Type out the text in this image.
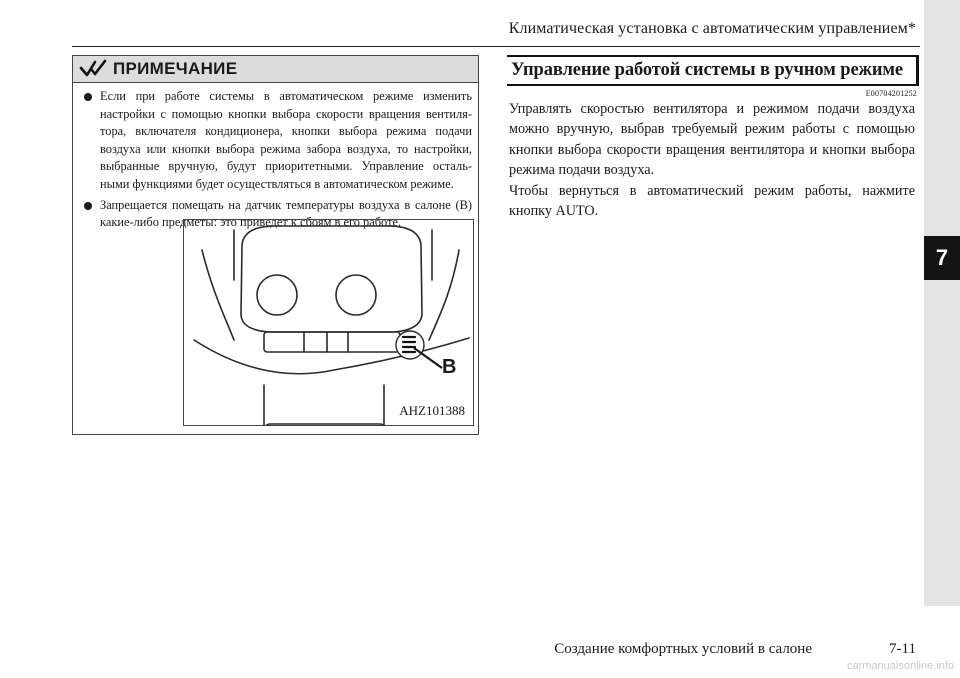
Климатическая установка с автоматическим управлением*
7
ПРИМЕЧАНИЕ
Если при работе системы в автоматическом режиме изменить настройки с помощью кнопки выбора скорости вращения вентиля- тора, включателя кондиционера, кнопки выбора режима подачи воздуха или кнопки выбора режима забора воздуха, то настройки, выбранные вручную, будут приоритетными. Управление осталь- ными функциями будет осуществляться в автоматическом режиме.
Запрещается помещать на датчик температуры воздуха в салоне (B) какие-либо предметы: это приведет к сбоям в его работе.
B
AHZ101388
Управление работой системы в ручном режиме
E00704201252

Управлять скоростью вентилятора и режимом подачи воздуха можно вручную, выбрав требуемый режим работы с помощью кнопки выбора скорости вращения вентилятора и кнопки выбора режима подачи воздуха.

Чтобы вернуться в автоматический режим работы, нажмите кнопку AUTO.

Создание комфортных условий в салоне	7-11
carmanualsonline.info
